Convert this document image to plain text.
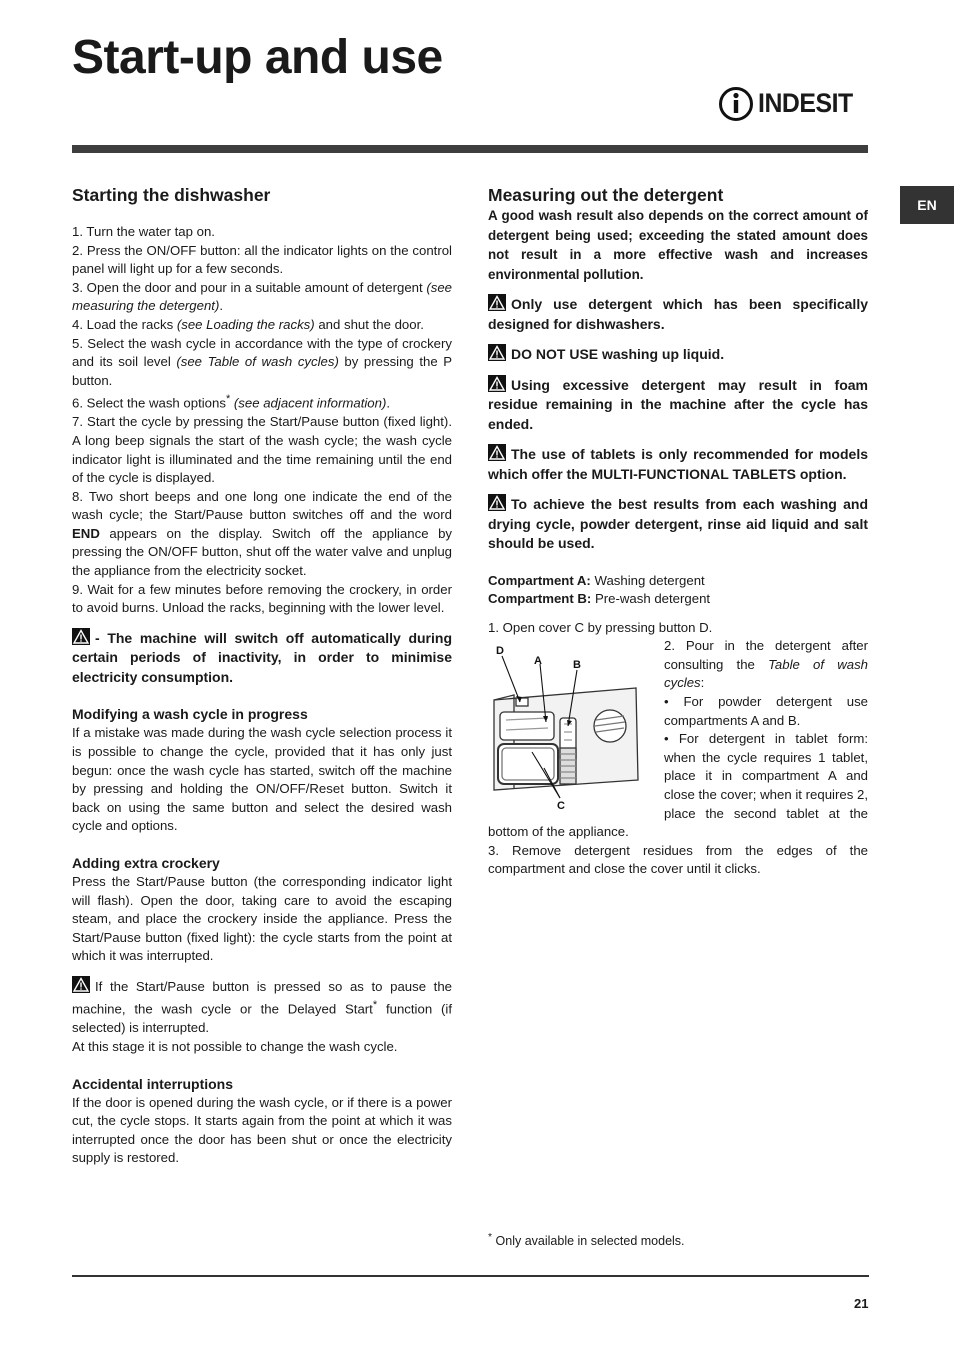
Start-up and use
INDESIT
EN
Starting the dishwasher

1. Turn the water tap on.

2. Press the ON/OFF button: all the indicator lights on the control panel will light up for a few seconds.

3. Open the door and pour in a suitable amount of detergent (see measuring the detergent).

4. Load the racks (see Loading the racks) and shut the door.

5. Select the wash cycle in accordance with the type of crockery and its soil level (see Table of wash cycles) by pressing the P button.

6. Select the wash options* (see adjacent information).

7. Start the cycle by pressing the Start/Pause button (fixed light). A long beep signals the start of the wash cycle; the wash cycle indicator light is illuminated and the time remaining until the end of the cycle is displayed.

8. Two short beeps and one long one indicate the end of the wash cycle; the Start/Pause button switches off and the word END appears on the display. Switch off the appliance by pressing the ON/OFF button, shut off the water valve and unplug the appliance from the electricity socket.

9. Wait for a few minutes before removing the crockery, in order to avoid burns. Unload the racks, beginning with the lower level.

- The machine will switch off automatically during certain periods of inactivity, in order to minimise electricity consumption.

Modifying a wash cycle in progress

If a mistake was made during the wash cycle selection process it is possible to change the cycle, provided that it has only just begun: once the wash cycle has started, switch off the machine by pressing and holding the ON/OFF/Reset button. Switch it back on using the same button and select the desired wash cycle and options.

Adding extra crockery

Press the Start/Pause button (the corresponding indicator light will flash). Open the door, taking care to avoid the escaping steam, and place the crockery inside the appliance. Press the Start/Pause button (fixed light): the cycle starts from the point at which it was interrupted.

If the Start/Pause button is pressed so as to pause the machine, the wash cycle or the Delayed Start* function (if selected) is interrupted.

At this stage it is not possible to change the wash cycle.

Accidental interruptions

If the door is opened during the wash cycle, or if there is a power cut, the cycle stops. It starts again from the point at which it was interrupted once the door has been shut or once the electricity supply is restored.

Measuring out the detergent

A good wash result also depends on the correct amount of detergent being used; exceeding the stated amount does not result in a more effective wash and increases environmental pollution.

Only use detergent which has been specifically designed for dishwashers.

DO NOT USE washing up liquid.

Using excessive detergent may result in foam residue remaining in the machine after the cycle has ended.

The use of tablets is only recommended for models which offer the MULTI-FUNCTIONAL TABLETS option.

To achieve the best results from each washing and drying cycle, powder detergent, rinse aid liquid and salt should be used.

Compartment A: Washing detergent

Compartment B: Pre-wash detergent

1. Open cover C by pressing button D.

D
A	B
C

2. Pour in the detergent after consulting the Table of wash cycles:

• For powder detergent use compartments A and B.

• For detergent in tablet form: when the cycle requires 1 tablet, place it in compartment A and close the cover; when it requires 2, place the second tablet at the bottom of the appliance.

3. Remove detergent residues from the edges of the compartment and close the cover until it clicks.

* Only available in selected models.
21
